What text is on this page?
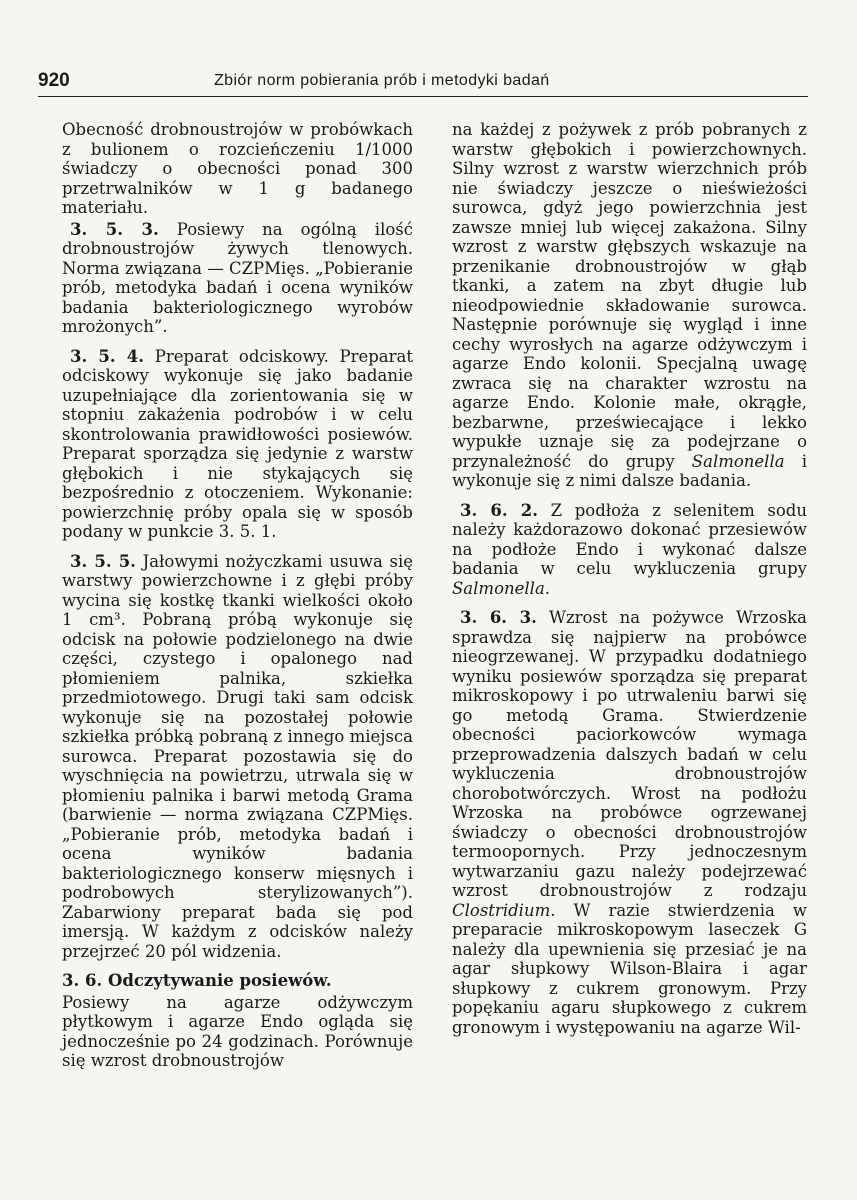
920	Zbiór norm pobierania prób i metodyki badań

Obecność drobnoustrojów w probówkach z bulionem o rozcieńczeniu 1/1000 świadczy o obecności ponad 300 przetrwalników w 1 g badanego materiału.

3. 5. 3. Posiewy na ogólną ilość drobnoustrojów żywych tlenowych. Norma związana — CZPMięs. „Pobieranie prób, metodyka badań i ocena wyników badania bakteriologicznego wyrobów mrożonych”.

3. 5. 4. Preparat odciskowy. Preparat odciskowy wykonuje się jako badanie uzupełniające dla zorientowania się w stopniu zakażenia podrobów i w celu skontrolowania prawidłowości posiewów. Preparat sporządza się jedynie z warstw głębokich i nie stykających się bezpośrednio z otoczeniem. Wykonanie: powierzchnię próby opala się w sposób podany w punkcie 3. 5. 1.

3. 5. 5. Jałowymi nożyczkami usuwa się warstwy powierzchowne i z głębi próby wycina się kostkę tkanki wielkości około 1 cm³. Pobraną próbą wykonuje się odcisk na połowie podzielonego na dwie części, czystego i opalonego nad płomieniem palnika, szkiełka przedmiotowego. Drugi taki sam odcisk wykonuje się na pozostałej połowie szkiełka próbką pobraną z innego miejsca surowca. Preparat pozostawia się do wyschnięcia na powietrzu, utrwala się w płomieniu palnika i barwi metodą Grama (barwienie — norma związana CZPMięs. „Pobieranie prób, metodyka badań i ocena wyników badania bakteriologicznego konserw mięsnych i podrobowych sterylizowanych”). Zabarwiony preparat bada się pod imersją. W każdym z odcisków należy przejrzeć 20 pól widzenia.

3. 6. Odczytywanie posiewów.

Posiewy na agarze odżywczym płytkowym i agarze Endo ogląda się jednocześnie po 24 godzinach. Porównuje się wzrost drobnoustrojów

na każdej z pożywek z prób pobranych z warstw głębokich i powierzchownych. Silny wzrost z warstw wierzchnich prób nie świadczy jeszcze o nieświeżości surowca, gdyż jego powierzchnia jest zawsze mniej lub więcej zakażona. Silny wzrost z warstw głębszych wskazuje na przenikanie drobnoustrojów w głąb tkanki, a zatem na zbyt długie lub nieodpowiednie składowanie surowca. Następnie porównuje się wygląd i inne cechy wyrosłych na agarze odżywczym i agarze Endo kolonii. Specjalną uwagę zwraca się na charakter wzrostu na agarze Endo. Kolonie małe, okrągłe, bezbarwne, przeświecające i lekko wypukłe uznaje się za podejrzane o przynależność do grupy Salmonella i wykonuje się z nimi dalsze badania.

3. 6. 2. Z podłoża z selenitem sodu należy każdorazowo dokonać przesiewów na podłoże Endo i wykonać dalsze badania w celu wykluczenia grupy Salmonella.

3. 6. 3. Wzrost na pożywce Wrzoska sprawdza się najpierw na probówce nieogrzewanej. W przypadku dodatniego wyniku posiewów sporządza się preparat mikroskopowy i po utrwaleniu barwi się go metodą Grama. Stwierdzenie obecności paciorkowców wymaga przeprowadzenia dalszych badań w celu wykluczenia drobnoustrojów chorobotwórczych. Wrost na podłożu Wrzoska na probówce ogrzewanej świadczy o obecności drobnoustrojów termoopornych. Przy jednoczesnym wytwarzaniu gazu należy podejrzewać wzrost drobnoustrojów z rodzaju Clostridium. W razie stwierdzenia w preparacie mikroskopowym laseczek G należy dla upewnienia się przesiać je na agar słupkowy Wilson-Blaira i agar słupkowy z cukrem gronowym. Przy popękaniu agaru słupkowego z cukrem gronowym i występowaniu na agarze Wil-
